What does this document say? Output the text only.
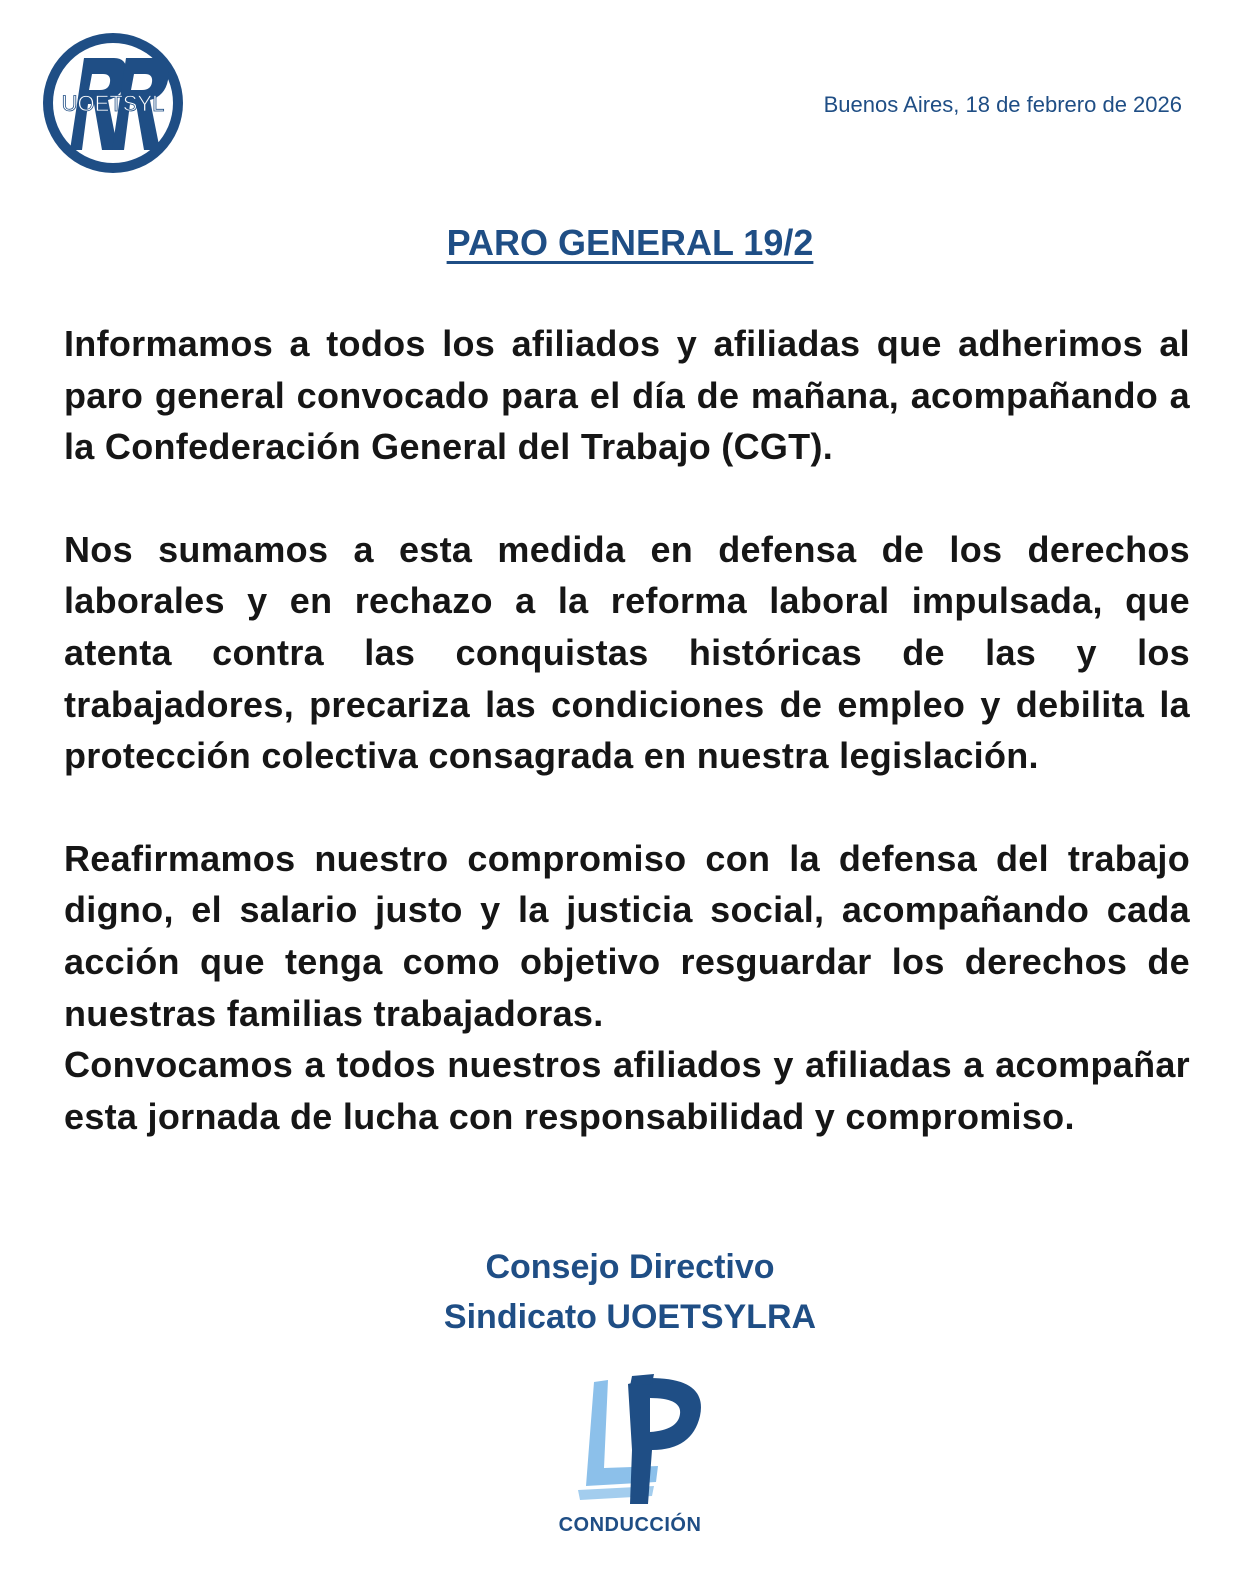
UOETSYL	Buenos Aires, 18 de febrero de 2026
PARO GENERAL 19/2

Informamos a todos los afiliados y afiliadas que adherimos al paro general convocado para el día de mañana, acompañando a la Confederación General del Trabajo (CGT).

Nos sumamos a esta medida en defensa de los derechos laborales y en rechazo a la reforma laboral impulsada, que atenta contra las conquistas históricas de las y los trabajadores, precariza las condiciones de empleo y debilita la protección colectiva consagrada en nuestra legislación.

Reafirmamos nuestro compromiso con la defensa del trabajo digno, el salario justo y la justicia social, acompañando cada acción que tenga como objetivo resguardar los derechos de nuestras familias trabajadoras.

Convocamos a todos nuestros afiliados y afiliadas a acompañar esta jornada de lucha con responsabilidad y compromiso.

Consejo Directivo
Sindicato UOETSYLRA
CONDUCCIÓN
